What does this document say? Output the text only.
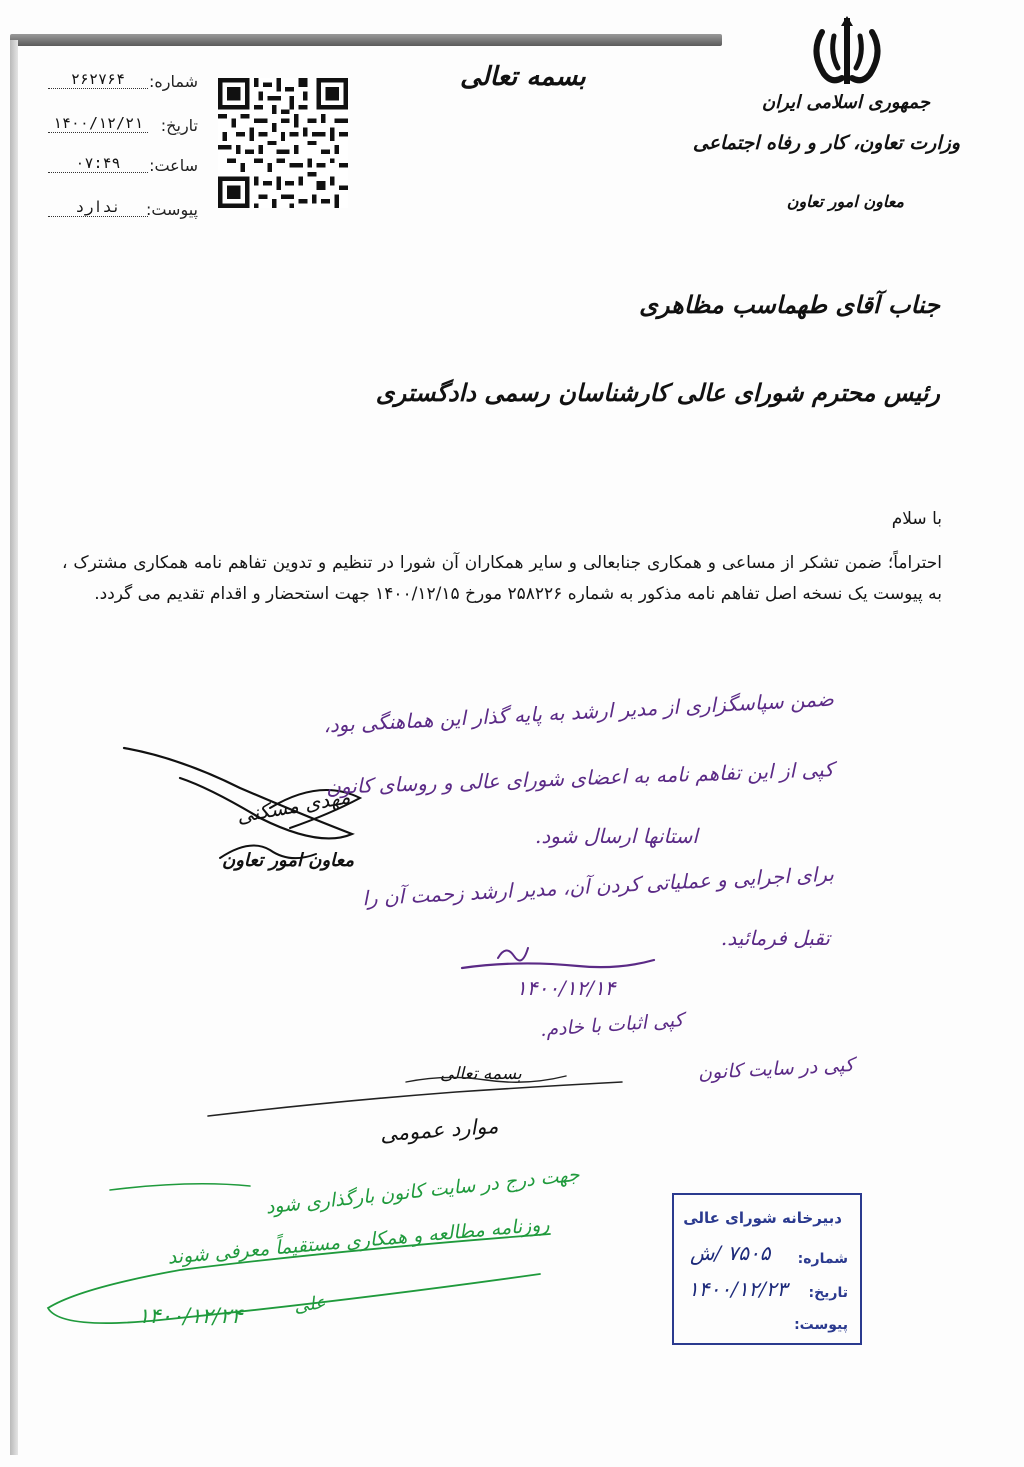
جمهوری اسلامی ایران
وزارت تعاون، کار و رفاه اجتماعی
معاون امور تعاون
بسمه تعالی
شماره:
۲۶۲۷۶۴
تاریخ:
۱۴۰۰/۱۲/۲۱
ساعت:
۰۷:۴۹
پیوست:
ندارد
جناب آقای طهماسب مظاهری
رئیس محترم شورای عالی کارشناسان رسمی دادگستری
با سلام
احتراماً؛ ضمن تشکر از مساعی و همکاری جنابعالی و سایر همکاران آن شورا در تنظیم و تدوین تفاهم نامه همکاری مشترک ، به پیوست یک نسخه اصل تفاهم نامه مذکور به شماره ۲۵۸۲۲۶ مورخ ۱۴۰۰/۱۲/۱۵ جهت استحضار و اقدام تقدیم می گردد.
مهدی مسکنی
معاون امور تعاون
ضمن سپاسگزاری از مدیر ارشد به پایه گذار این هماهنگی بود،
کپی از این تفاهم نامه به اعضای شورای عالی و روسای کانون
استانها ارسال شود.
برای اجرایی و عملیاتی کردن آن، مدیر ارشد زحمت آن را
تقبل فرمائید.
۱۴۰۰/۱۲/۱۴
کپی اثبات با خادم.
کپی در سایت کانون
بسمه تعالی
موارد عمومی
جهت درج در سایت کانون بارگذاری شود
روزنامه مطالعه و همکاری مستقیماً معرفی شوند
علی
۱۴۰۰/۱۲/۲۴
دبیرخانه شورای عالی
شماره:
۷۵۰۵ /ش
تاریخ:
۱۴۰۰/۱۲/۲۳
پیوست:
